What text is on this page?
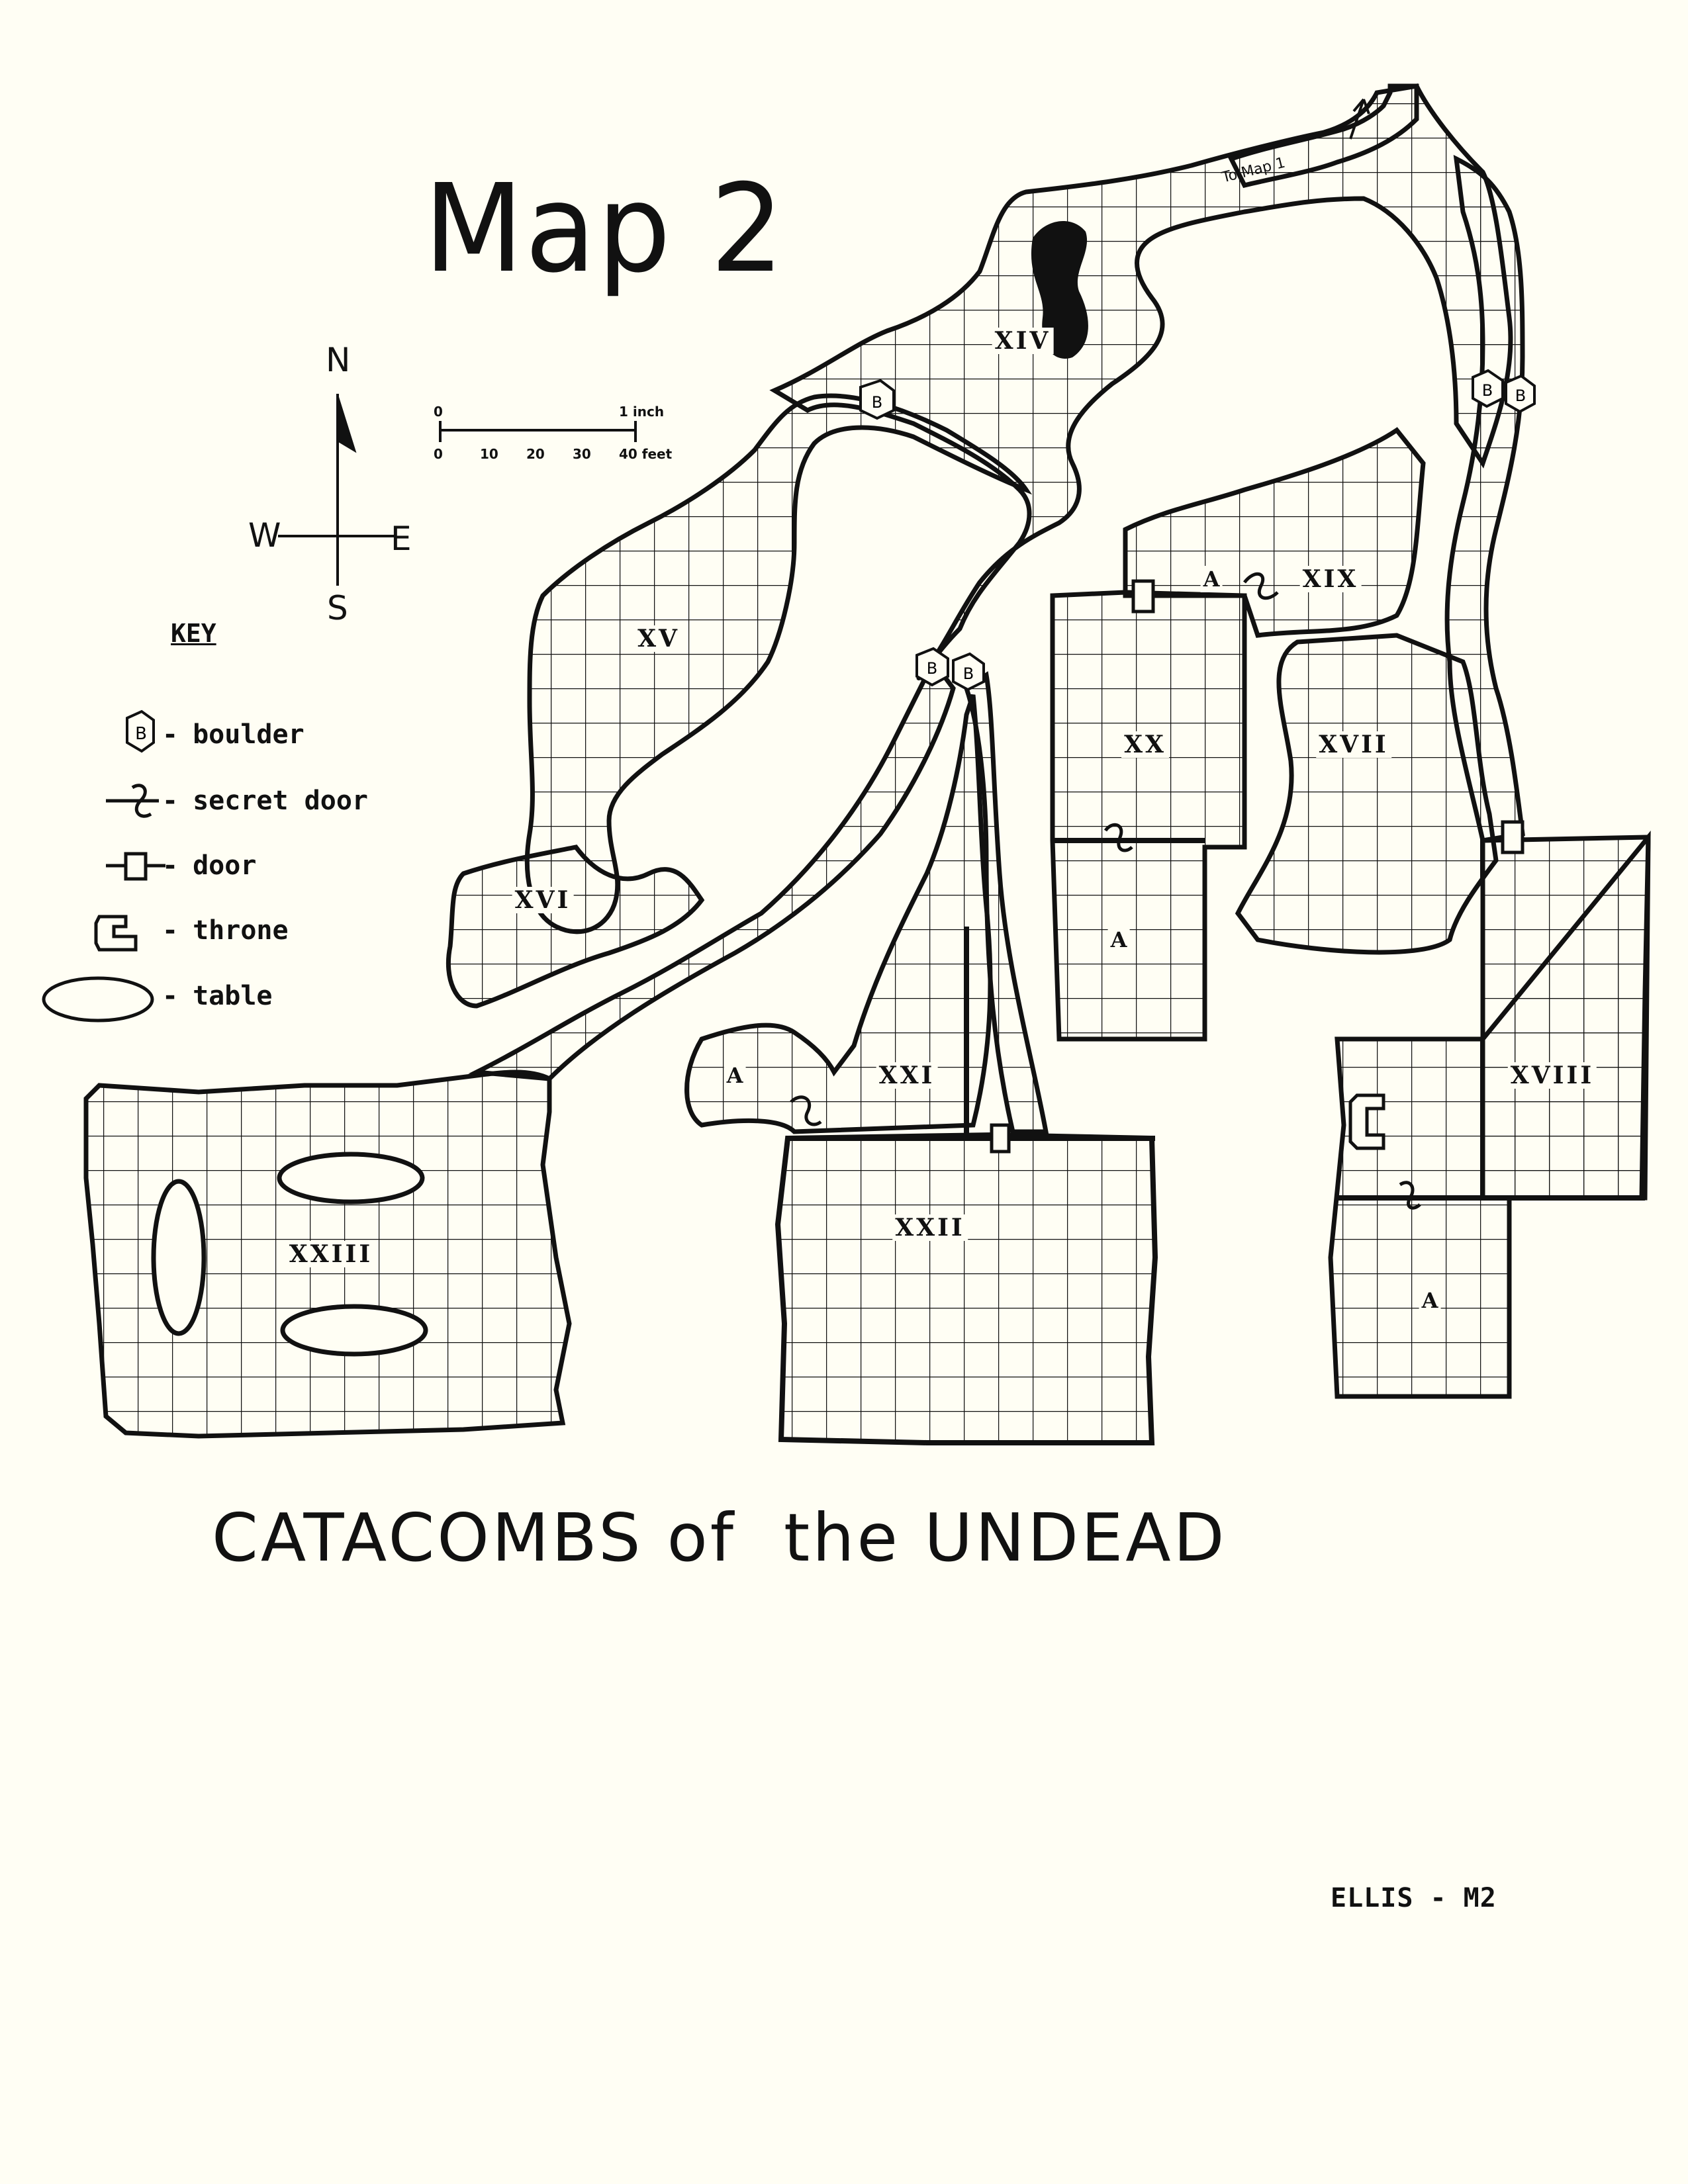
B
B B
B B
B
Map 2
N
W	E
S
0	1 inch
0	10 20 30 40 feet
To Map 1
KEY
- boulder
- secret door
- door
- throne
- table
XIV
XV
XVI
XVII
XVIII
XIX
XX
XXI
XXII
XXIII
A
A
A
A
CATACOMBS of the UNDEAD
ELLIS - M2
